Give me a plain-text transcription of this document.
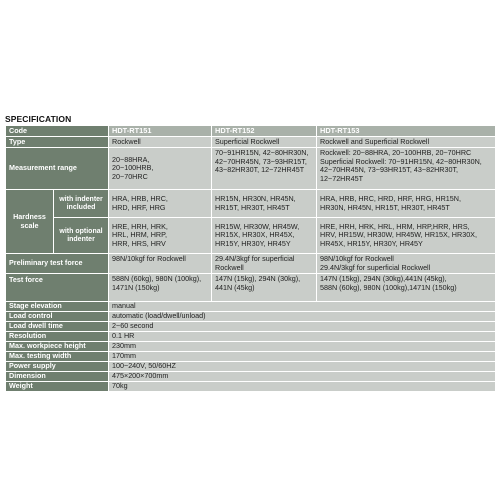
SPECIFICATION
Code		HDT-RT151	HDT-RT152	HDT-RT153
Type		Rockwell	Superficial Rockwell	Rockwell and Superficial Rockwell
Measurement range		20~88HRA,
20~100HRB,
20~70HRC	70~91HR15N, 42~80HR30N,
42~70HR45N, 73~93HR15T,
43~82HR30T, 12~72HR45T	Rockwell: 20~88HRA, 20~100HRB, 20~70HRC
Superficial Rockwell: 70~91HR15N, 42~80HR30N,
42~70HR45N, 73~93HR15T, 43~82HR30T,
12~72HR45T
Hardness scale	with indenter included	HRA, HRB, HRC,
HRD, HRF, HRG	HR15N, HR30N, HR45N,
HR15T, HR30T, HR45T	HRA, HRB, HRC, HRD, HRF, HRG, HR15N,
HR30N, HR45N, HR15T, HR30T, HR45T
	with optional indenter	HRE, HRH, HRK,
HRL, HRM, HRP,
HRR, HRS, HRV	HR15W, HR30W, HR45W,
HR15X, HR30X, HR45X,
HR15Y, HR30Y, HR45Y	HRE, HRH, HRK, HRL, HRM, HRP,HRR, HRS,
HRV, HR15W, HR30W, HR45W, HR15X, HR30X,
HR45X, HR15Y, HR30Y, HR45Y
Preliminary test force		98N/10kgf for Rockwell	29.4N/3kgf for superficial
Rockwell	98N/10kgf for Rockwell
29.4N/3kgf for superficial Rockwell
Test force		588N (60kg), 980N (100kg),
1471N (150kg)	147N (15kg), 294N (30kg),
441N (45kg)	147N (15kg), 294N (30kg),441N (45kg),
588N (60kg), 980N (100kg),1471N (150kg)
Stage elevation		manual		
Load control		automatic (load/dwell/unload)		
Load dwell time		2~60 second		
Resolution		0.1 HR		
Max. workpiece height		230mm		
Max. testing width		170mm		
Power supply		100~240V, 50/60HZ		
Dimension		475×200×700mm		
Weight		70kg		
